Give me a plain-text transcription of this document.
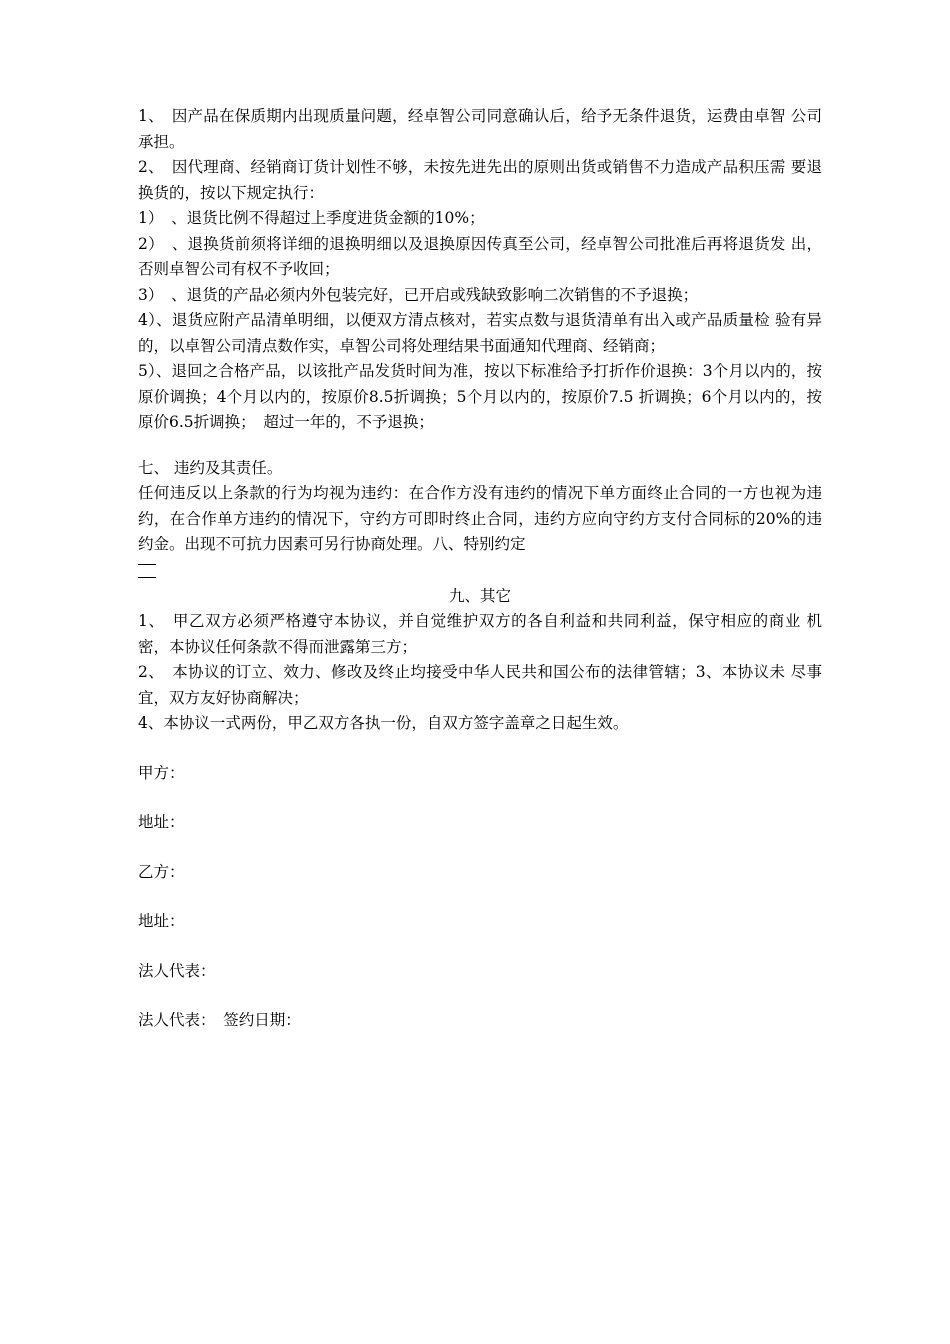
1、　因产品在保质期内出现质量问题，经卓智公司同意确认后，给予无条件退货，运费由卓智 公司承担。

2、　因代理商、经销商订货计划性不够，未按先进先出的原则出货或销售不力造成产品积压需 要退换货的，按以下规定执行：

1）　、退货比例不得超过上季度进货金额的10%；

2）　、退换货前须将详细的退换明细以及退换原因传真至公司，经卓智公司批准后再将退货发 出，否则卓智公司有权不予收回；

3）　、退货的产品必须内外包装完好，已开启或残缺致影响二次销售的不予退换；

4）、退货应附产品清单明细，以便双方清点核对，若实点数与退货清单有出入或产品质量检 验有异的，以卓智公司清点数作实，卓智公司将处理结果书面通知代理商、经销商；

5）、退回之合格产品，以该批产品发货时间为准，按以下标准给予打折作价退换：3个月以内的，按原价调换；4个月以内的，按原价8.5折调换；5个月以内的，按原价7.5 折调换；6个月以内的，按原价6.5折调换；　超过一年的，不予退换；

七、 违约及其责任。

任何违反以上条款的行为均视为违约：在合作方没有违约的情况下单方面终止合同的一方也视为违约，在合作单方违约的情况下，守约方可即时终止合同，违约方应向守约方支付合同标的20%的违约金。出现不可抗力因素可另行协商处理。八、特别约定

九、其它

1、　甲乙双方必须严格遵守本协议，并自觉维护双方的各自利益和共同利益，保守相应的商业 机密，本协议任何条款不得而泄露第三方；

2、　本协议的订立、效力、修改及终止均接受中华人民共和国公布的法律管辖；3、本协议未 尽事宜，双方友好协商解决；

4、本协议一式两份，甲乙双方各执一份，自双方签字盖章之日起生效。

甲方：

地址：

乙方：

地址：

法人代表：

法人代表：　签约日期：
